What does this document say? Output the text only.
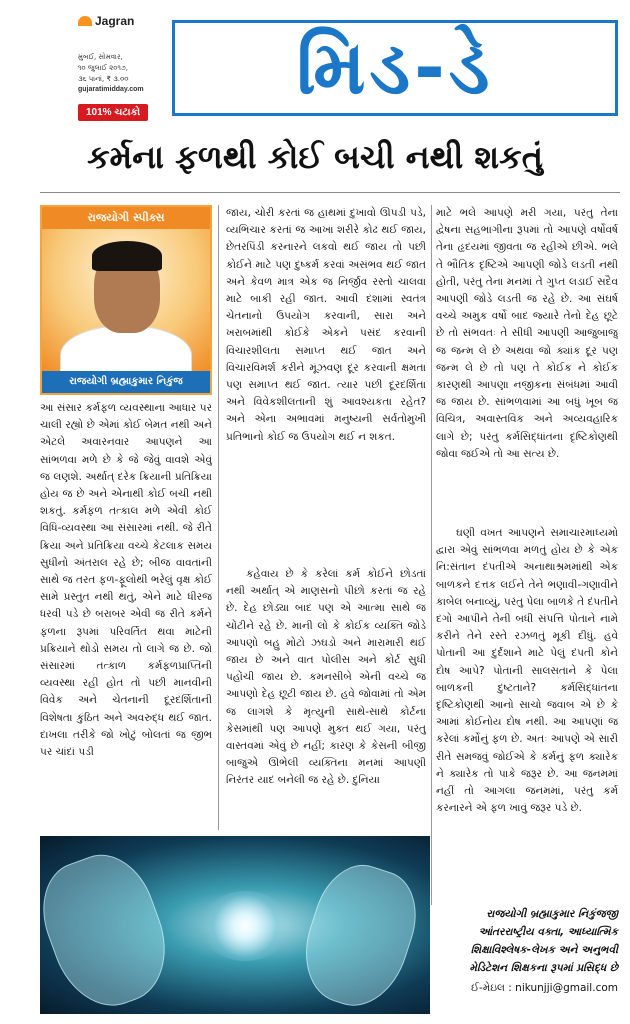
Jagran
મુંબઈ, સોમવાર,
૧૦ જુલાઈ ૨૦૧૭,
૩૬ પાનાં, ₹ ૩.૦૦
gujaratimidday.com
101% ચટાકો
મિડ-ડે
કર્મના ફળથી કોઈ બચી નથી શકતું
રાજયોગી સ્પીક્સ
રાજયોગી બ્રહ્માકુમાર નિકુંજ
આ સંસાર કર્મફળ વ્યવસ્થાના આધાર પર ચાલી રહ્યો છે એમાં કોઈ બેમત નથી અને એટલે અવારનવાર આપણને આ સાંભળવા મળે છે કે જે જેવું વાવશે એવું જ લણશે. અર્થાત્‌ દરેક ક્રિયાની પ્રતિક્રિયા હોય જ છે અને એનાથી કોઈ બચી નથી શકતું. કર્મફળ તત્કાલ મળે એવી કોઈ વિધિ-વ્યવસ્થા આ સંસારમાં નથી. જે રીતે ક્રિયા અને પ્રતિક્રિયા વચ્ચે કેટલાક સમય સુધીનો અંતરાલ રહે છે; બીજ વાવતાંની સાથે જ તરત ફળ-ફૂલોથી ભરેલું વૃક્ષ કોઈ સામે પ્રસ્તુત નથી થતું, એને માટે ધીરજ ધરવી પડે છે બરાબર એવી જ રીતે કર્મને ફળના રૂપમાં પરિવર્તિત થવા માટેની પ્રક્રિયાને થોડો સમય તો લાગે જ છે. જો સંસારમાં તત્કાળ કર્મફળપ્રાપ્તિની વ્યવસ્થા રહી હોત તો પછી માનવીની વિવેક અને ચેતનાની દૂરદર્શિતાની વિશેષતા કુંઠિત અને અવરુદ્ધ થઈ જાત. દાખલા તરીકે જો ખોટું બોલતાં જ જીભ પર ચાંદાં પડી
જાય, ચોરી કરતાં જ હાથમાં દુખાવો ઊપડી પડે, વ્યભિચાર કરતાં જ આખા શરીરે કોઢ થઈ જાય, છેતરપિંડી કરનારને લકવો થઈ જાય તો પછી કોઈને માટે પણ દુષ્કર્મ કરવાં અસંભવ થઈ જાત અને કેવળ માત્ર એક જ નિર્જીવ રસ્તો ચાલવા માટે બાકી રહી જાત. આવી દશામાં સ્વતંત્ર ચેતનાનો ઉપયોગ કરવાની, સારા અને ખરાબમાંથી કોઈકે એકને પસંદ કરવાની વિચારશીલતા સમાપ્ત થઈ જાત અને વિચારવિમર્શ કરીને મૂંઝવણ દૂર કરવાની ક્ષમતા પણ સમાપ્ત થઈ જાત. ત્યાર પછી દૂરદર્શિતા અને વિવેકશીલતાની શું આવશ્યકતા રહેત? અને એના અભાવમાં મનુષ્યની સર્વતોમુખી પ્રતિભાનો કોઈ જ ઉપયોગ થઈ ન શકત.
કહેવાય છે કે કરેલાં કર્મ કોઈને છોડતાં નથી અર્થાત્‌ એ માણસનો પીછો કરતાં જ રહે છે. દેહ છોડ્યા બાદ પણ એ આત્મા સાથે જ ચોંટીને રહે છે. માની લો કે કોઈક વ્યક્તિ જોડે આપણો બહુ મોટો ઝઘડો અને મારામારી થઈ જાય છે અને વાત પોલીસ અને કોર્ટ સુધી પહોંચી જાય છે. કમનસીબે એની વચ્ચે જ આપણો દેહ છૂટી જાય છે. હવે જોવામાં તો એમ જ લાગશે કે મૃત્યુની સાથે-સાથે કોર્ટના કેસમાંથી પણ આપણે મુક્ત થઈ ગયા, પરંતુ વાસ્તવમાં એવું છે નહીં; કારણ કે કેસની બીજી બાજુએ ઊભેલી વ્યક્તિના મનમાં આપણી નિરંતર યાદ બનેલી જ રહે છે. દુનિયા
માટે ભલે આપણે મરી ગયા, પરંતુ તેના દ્વેષના સહભાગીના રૂપમાં તો આપણે વર્ષોવર્ષ તેના હૃદયમાં જીવતા જ રહીએ છીએ. ભલે તે ભૌતિક દૃષ્ટિએ આપણી જોડે લડતી નથી હોતી, પરંતુ તેના મનમાં તે ગુપ્ત લડાઈ સદૈવ આપણી જોડે લડતી જ રહે છે. આ સંઘર્ષ વચ્ચે અમુક વર્ષો બાદ જ્યારે તેનો દેહ છૂટે છે તો સંભવતઃ તે સીધી આપણી આજુબાજુ જ જન્મ લે છે અથવા જો ક્યાંક દૂર પણ જન્મ લે છે તો પણ તે કોઈક ને કોઈક કારણથી આપણા નજીકના સંબંધમાં આવી જ જાય છે. સાંભળવામાં આ બધું ખૂબ જ વિચિત્ર, અવાસ્તવિક અને અવ્યવહારિક લાગે છે; પરંતુ કર્મસિદ્ધાંતના દૃષ્ટિકોણથી જોવા જઈએ તો આ સત્ય છે.
ઘણી વખત આપણને સમાચારમાધ્યમો દ્વારા એવું સાંભળવા મળતું હોય છે કે એક નિ:સંતાન દંપતીએ અનાથાશ્રમમાંથી એક બાળકને દત્તક લઈને તેને ભણાવી-ગણાવીને કાબેલ બનાવ્યું, પરંતુ પેલા બાળકે તે દંપતીને દગો આપીને તેની બધી સંપત્તિ પોતાને નામે કરીને તેને રસ્તે રઝળતું મૂકી દીધું. હવે પોતાની આ દુર્દશાને માટે પેલું દંપતી કોને દોષ આપે? પોતાની સાલસતાને કે પેલા બાળકની દુષ્ટતાને? કર્મસિદ્ધાંતના દૃષ્ટિકોણથી આનો સાચો જવાબ એ છે કે આમાં કોઈનોય દોષ નથી. આ આપણાં જ કરેલાં કર્મોનું ફળ છે. અતઃ આપણે એ સારી રીતે સમજવું જોઈએ કે કર્મનું ફળ ક્યારેક ને ક્યારેક તો પાકે જરૂર છે. આ જનમમાં નહીં તો આગલા જનમમાં, પરંતુ કર્મ કરનારને એ ફળ ખાવું જરૂર પડે છે.
રાજયોગી બ્રહ્માકુમાર નિકુંજજી
આંતરરાષ્ટ્રીય વક્તા, આધ્યાત્મિક
શિક્ષાવિશ્લેષક-લેખક અને અનુભવી
મેડિટેશન શિક્ષકના રૂપમાં પ્રસિદ્ધ છે
ઈ-મેઇલ : nikunjji@gmail.com
